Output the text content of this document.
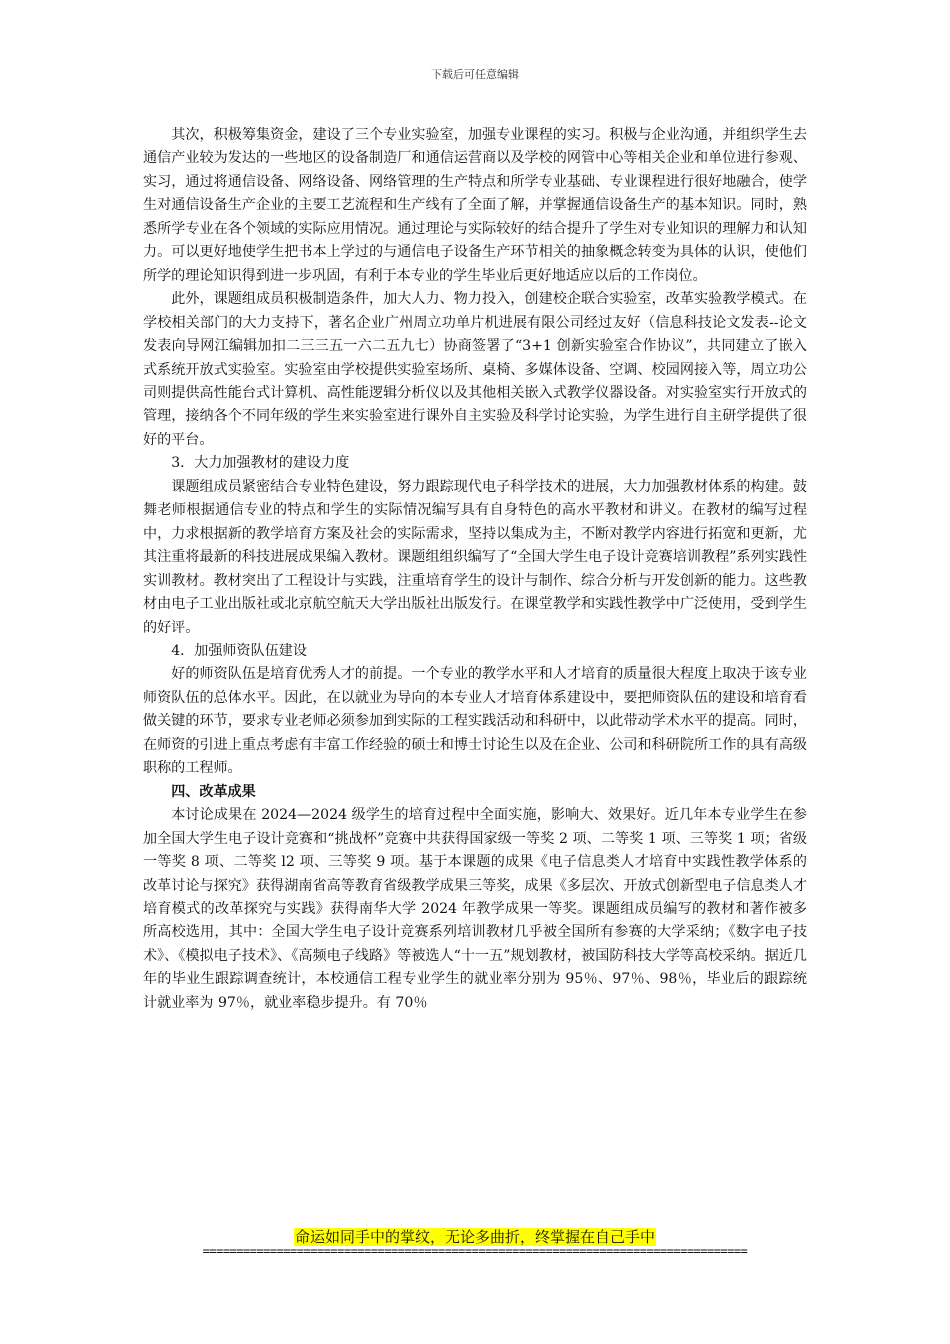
下载后可任意编辑

其次，积极筹集资金，建设了三个专业实验室，加强专业课程的实习。积极与企业沟通，并组织学生去通信产业较为发达的一些地区的设备制造厂和通信运营商以及学校的网管中心等相关企业和单位进行参观、实习，通过将通信设备、网络设备、网络管理的生产特点和所学专业基础、专业课程进行很好地融合，使学生对通信设备生产企业的主要工艺流程和生产线有了全面了解，并掌握通信设备生产的基本知识。同时，熟悉所学专业在各个领域的实际应用情况。通过理论与实际较好的结合提升了学生对专业知识的理解力和认知力。可以更好地使学生把书本上学过的与通信电子设备生产环节相关的抽象概念转变为具体的认识，使他们所学的理论知识得到进一步巩固，有利于本专业的学生毕业后更好地适应以后的工作岗位。

此外，课题组成员积极制造条件，加大人力、物力投入，创建校企联合实验室，改革实验教学模式。在学校相关部门的大力支持下，著名企业广州周立功单片机进展有限公司经过友好（信息科技论文发表--论文发表向导网江编辑加扣二三三五一六二五九七）协商签署了“3+1 创新实验室合作协议”，共同建立了嵌入式系统开放式实验室。实验室由学校提供实验室场所、桌椅、多媒体设备、空调、校园网接入等，周立功公司则提供高性能台式计算机、高性能逻辑分析仪以及其他相关嵌入式教学仪器设备。对实验室实行开放式的管理，接纳各个不同年级的学生来实验室进行课外自主实验及科学讨论实验，为学生进行自主研学提供了很好的平台。

3．大力加强教材的建设力度

课题组成员紧密结合专业特色建设，努力跟踪现代电子科学技术的进展，大力加强教材体系的构建。鼓舞老师根据通信专业的特点和学生的实际情况编写具有自身特色的高水平教材和讲义。在教材的编写过程中，力求根据新的教学培育方案及社会的实际需求，坚持以集成为主，不断对教学内容进行拓宽和更新，尤其注重将最新的科技进展成果编入教材。课题组组织编写了“全国大学生电子设计竞赛培训教程”系列实践性实训教材。教材突出了工程设计与实践，注重培育学生的设计与制作、综合分析与开发创新的能力。这些教材由电子工业出版社或北京航空航天大学出版社出版发行。在课堂教学和实践性教学中广泛使用，受到学生的好评。

4．加强师资队伍建设

好的师资队伍是培育优秀人才的前提。一个专业的教学水平和人才培育的质量很大程度上取决于该专业师资队伍的总体水平。因此，在以就业为导向的本专业人才培育体系建设中，要把师资队伍的建设和培育看做关键的环节，要求专业老师必须参加到实际的工程实践活动和科研中，以此带动学术水平的提高。同时，在师资的引进上重点考虑有丰富工作经验的硕士和博士讨论生以及在企业、公司和科研院所工作的具有高级职称的工程师。

四、改革成果

本讨论成果在 2024—2024 级学生的培育过程中全面实施，影响大、效果好。近几年本专业学生在参加全国大学生电子设计竞赛和“挑战杯”竞赛中共获得国家级一等奖 2 项、二等奖 1 项、三等奖 1 项；省级一等奖 8 项、二等奖 l2 项、三等奖 9 项。基于本课题的成果《电子信息类人才培育中实践性教学体系的改革讨论与探究》获得湖南省高等教育省级教学成果三等奖，成果《多层次、开放式创新型电子信息类人才培育模式的改革探究与实践》获得南华大学 2024 年教学成果一等奖。课题组成员编写的教材和著作被多所高校选用，其中：全国大学生电子设计竞赛系列培训教材几乎被全国所有参赛的大学采纳；《数字电子技术》、《模拟电子技术》、《高频电子线路》等被选人“十一五”规划教材，被国防科技大学等高校采纳。据近几年的毕业生跟踪调查统计，本校通信工程专业学生的就业率分别为 95％、97％、98％，毕业后的跟踪统计就业率为 97％，就业率稳步提升。有 70％

命运如同手中的掌纹，无论多曲折，终掌握在自己手中
=================================================================================
